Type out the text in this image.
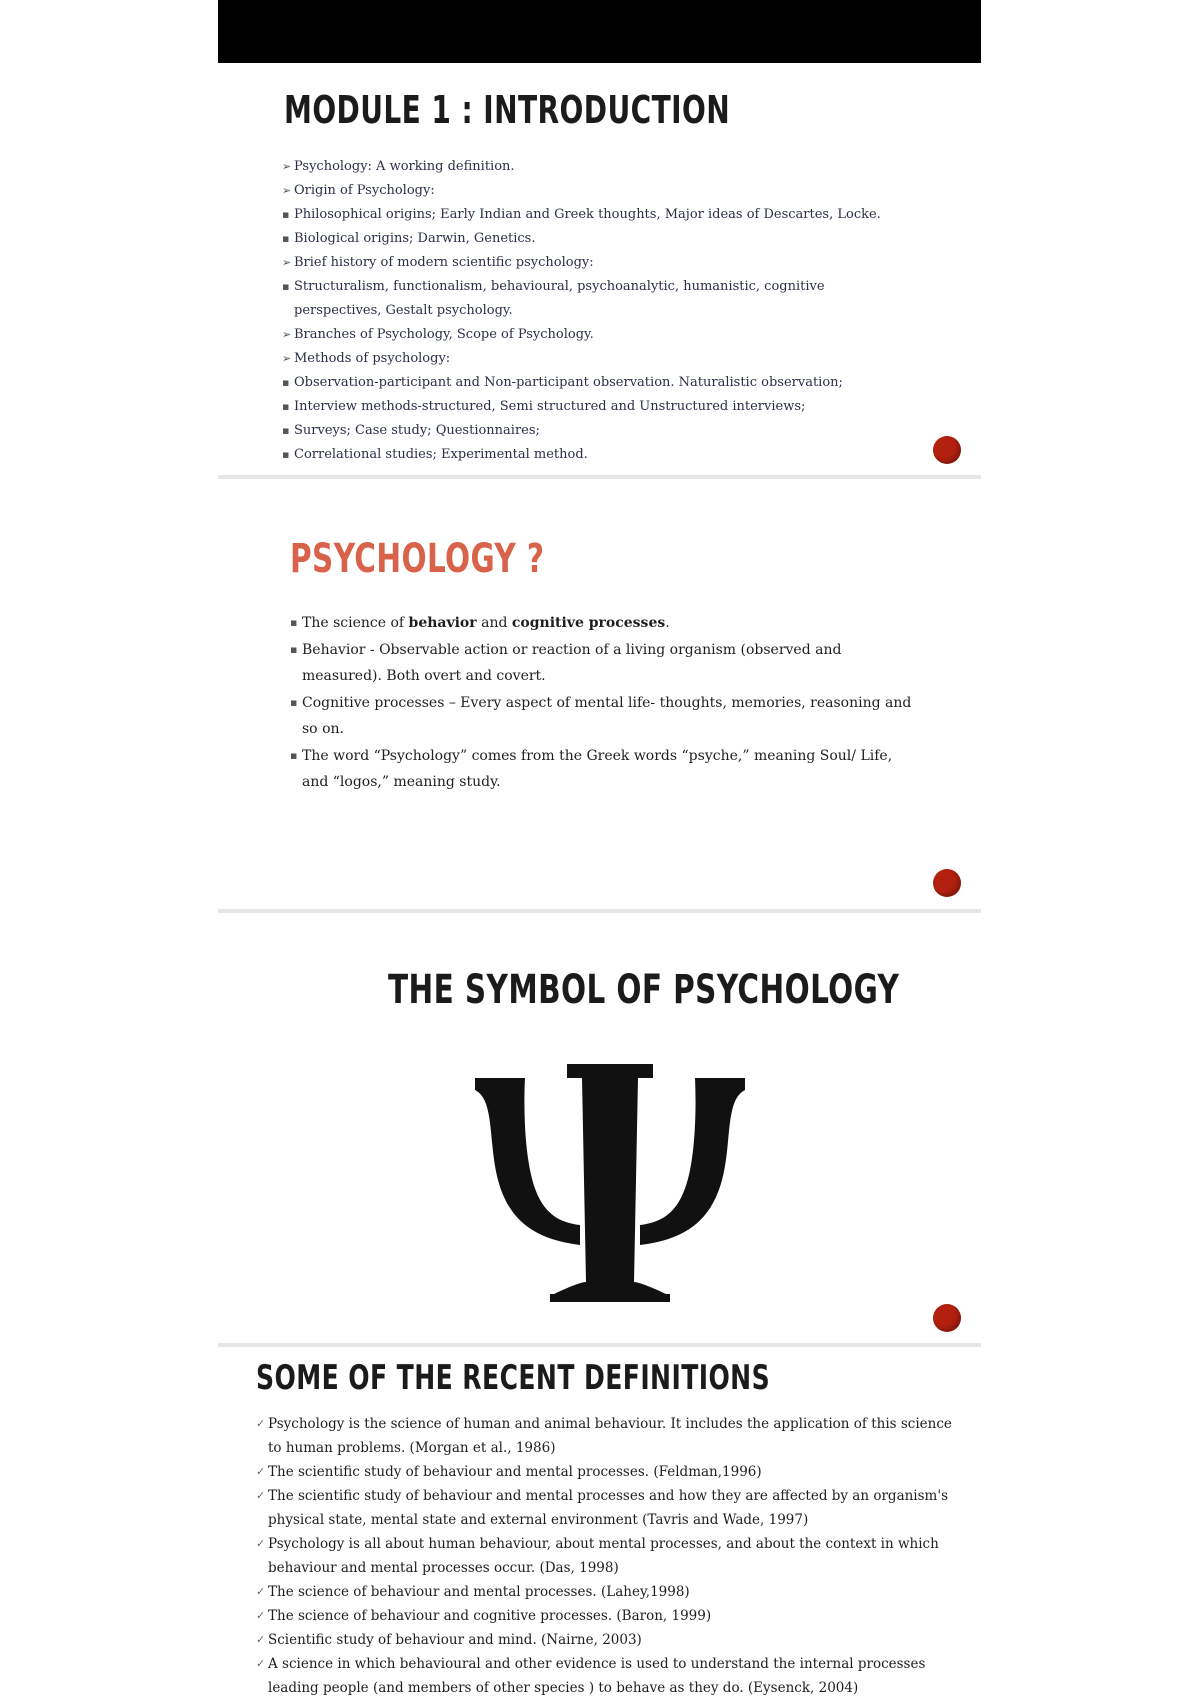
MODULE 1 : INTRODUCTION
➢ Psychology: A working definition.
➢ Origin of Psychology:
▪ Philosophical origins; Early Indian and Greek thoughts, Major ideas of Descartes, Locke.
▪ Biological origins; Darwin, Genetics.
➢ Brief history of modern scientific psychology:
▪ Structuralism, functionalism, behavioural, psychoanalytic, humanistic, cognitive perspectives, Gestalt psychology.
➢ Branches of Psychology, Scope of Psychology.
➢ Methods of psychology:
▪ Observation-participant and Non-participant observation. Naturalistic observation;
▪ Interview methods-structured, Semi structured and Unstructured interviews;
▪ Surveys; Case study; Questionnaires;
▪ Correlational studies; Experimental method.
PSYCHOLOGY ?
▪ The science of behavior and cognitive processes.
▪ Behavior - Observable action or reaction of a living organism (observed and measured). Both overt and covert.
▪ Cognitive processes – Every aspect of mental life- thoughts, memories, reasoning and so on.
▪ The word “Psychology” comes from the Greek words “psyche,” meaning Soul/ Life, and “logos,” meaning study.
THE SYMBOL OF PSYCHOLOGY
SOME OF THE RECENT DEFINITIONS
✓ Psychology is the science of human and animal behaviour. It includes the application of this science to human problems. (Morgan et al., 1986)
✓ The scientific study of behaviour and mental processes. (Feldman,1996)
✓ The scientific study of behaviour and mental processes and how they are affected by an organism's physical state, mental state and external environment (Tavris and Wade, 1997)
✓ Psychology is all about human behaviour, about mental processes, and about the context in which behaviour and mental processes occur. (Das, 1998)
✓ The science of behaviour and mental processes. (Lahey,1998)
✓ The science of behaviour and cognitive processes. (Baron, 1999)
✓ Scientific study of behaviour and mind. (Nairne, 2003)
✓ A science in which behavioural and other evidence is used to understand the internal processes leading people (and members of other species ) to behave as they do. (Eysenck, 2004)
